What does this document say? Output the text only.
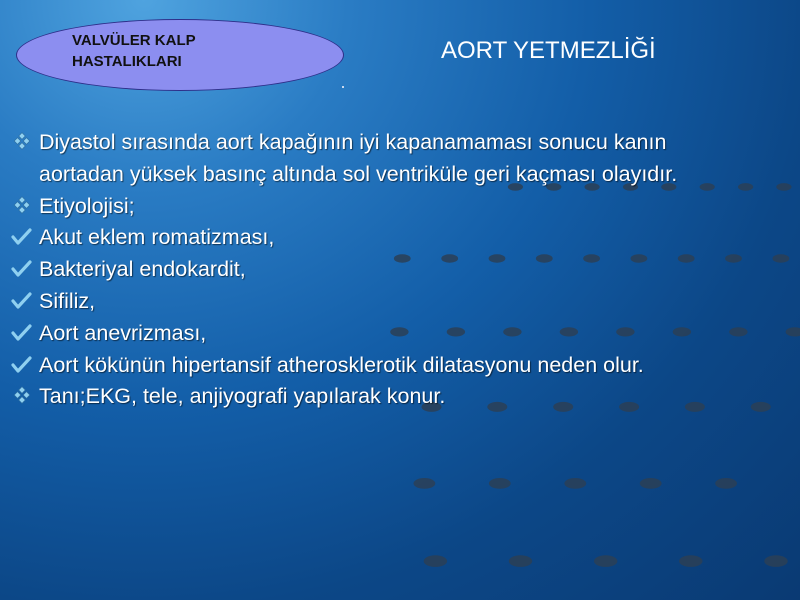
VALVÜLER KALP
HASTALIKLARI	AORT YETMEZLİĞİ
Diyastol sırasında aort kapağının iyi kapanamaması sonucu kanın aortadan yüksek basınç altında sol ventriküle geri kaçması olayıdır.
Etiyolojisi;
Akut eklem romatizması,
Bakteriyal endokardit,
Sifiliz,
Aort anevrizması,
Aort kökünün hipertansif atherosklerotik dilatasyonu neden olur.
Tanı;EKG, tele, anjiyografi yapılarak konur.
